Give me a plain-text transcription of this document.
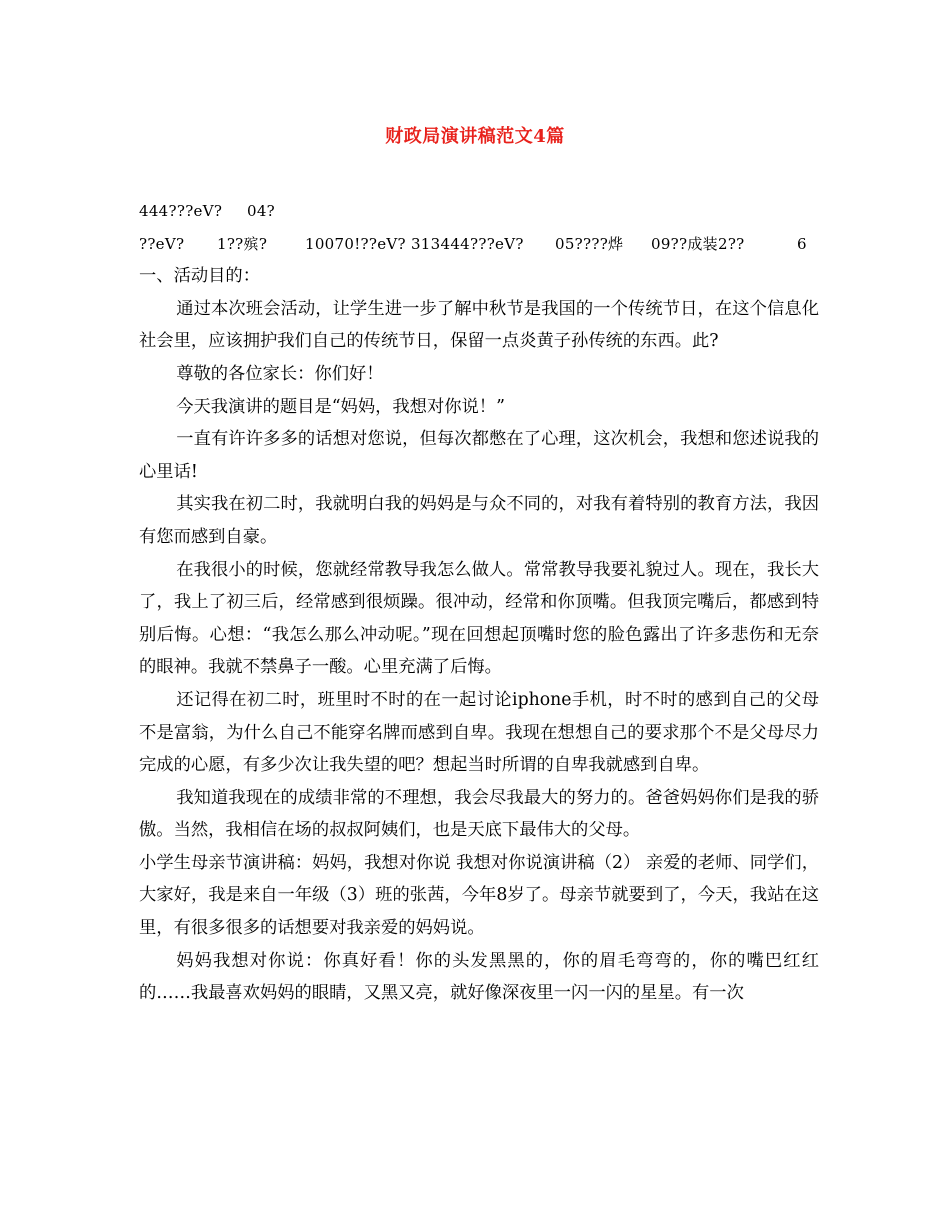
财政局演讲稿范文4篇
444???eV? 04?
??eV? 1??殡?	10070!??eV? 313444???eV? 05????烨 09??成装2??	6
一、活动目的：
通过本次班会活动，让学生进一步了解中秋节是我国的一个传统节日，在这个信息化社会里，应该拥护我们自己的传统节日，保留一点炎黄子孙传统的东西。此?
尊敬的各位家长：你们好！
今天我演讲的题目是“妈妈，我想对你说！”
一直有许许多多的话想对您说，但每次都憋在了心理，这次机会，我想和您述说我的心里话!
其实我在初二时，我就明白我的妈妈是与众不同的，对我有着特别的教育方法，我因有您而感到自豪。
在我很小的时候，您就经常教导我怎么做人。常常教导我要礼貌过人。现在，我长大了，我上了初三后，经常感到很烦躁。很冲动，经常和你顶嘴。但我顶完嘴后，都感到特别后悔。心想：“我怎么那么冲动呢。”现在回想起顶嘴时您的脸色露出了许多悲伤和无奈的眼神。我就不禁鼻子一酸。心里充满了后悔。
还记得在初二时，班里时不时的在一起讨论iphone手机，时不时的感到自己的父母不是富翁，为什么自己不能穿名牌而感到自卑。我现在想想自己的要求那个不是父母尽力完成的心愿，有多少次让我失望的吧？想起当时所谓的自卑我就感到自卑。
我知道我现在的成绩非常的不理想，我会尽我最大的努力的。爸爸妈妈你们是我的骄傲。当然，我相信在场的叔叔阿姨们，也是天底下最伟大的父母。
小学生母亲节演讲稿：妈妈，我想对你说 我想对你说演讲稿（2） 亲爱的老师、同学们，大家好，我是来自一年级（3）班的张茜，今年8岁了。母亲节就要到了，今天，我站在这里，有很多很多的话想要对我亲爱的妈妈说。
妈妈我想对你说：你真好看！你的头发黑黑的，你的眉毛弯弯的，你的嘴巴红红的……我最喜欢妈妈的眼睛，又黑又亮，就好像深夜里一闪一闪的星星。有一次
